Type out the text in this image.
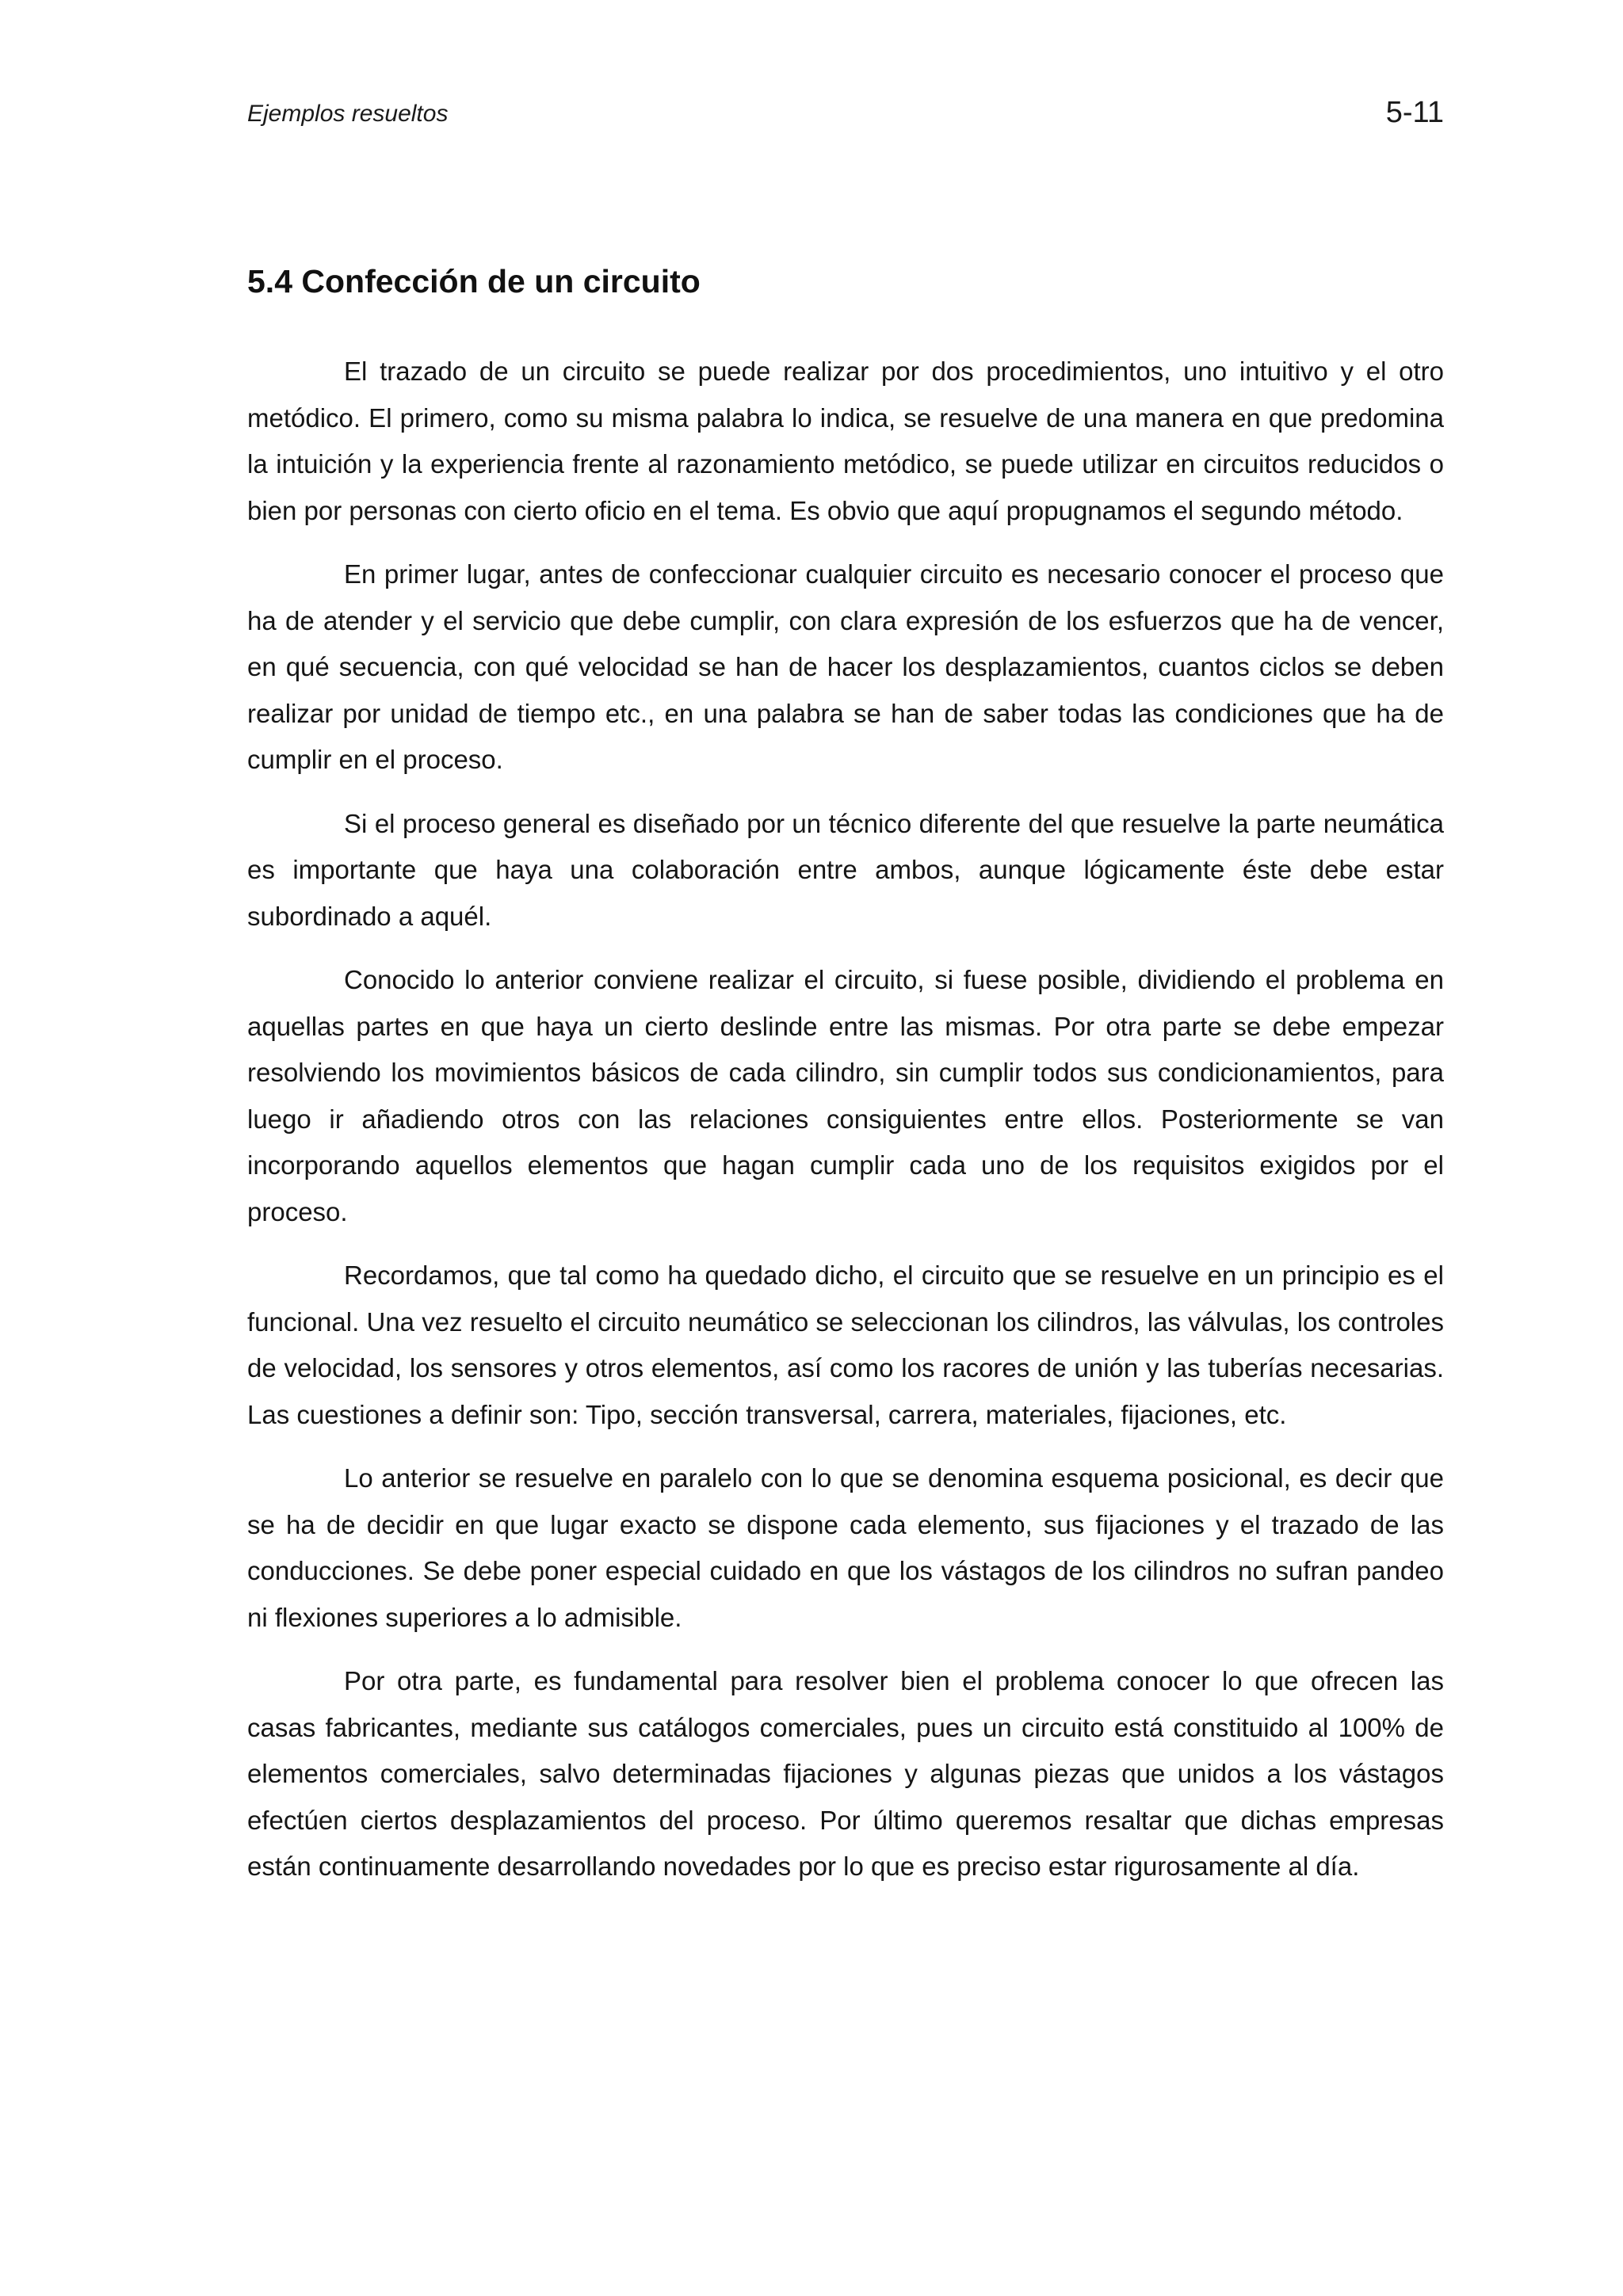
Ejemplos resueltos	5-11
5.4 Confección de un circuito

El trazado de un circuito se puede realizar por dos procedimientos, uno intuitivo y el otro metódico. El primero, como su misma palabra lo indica, se resuelve de una manera en que predomina la intuición y la experiencia frente al razonamiento metódico, se puede utilizar en circuitos reducidos o bien por personas con cierto oficio en el tema. Es obvio que aquí propugnamos el segundo método.

En primer lugar, antes de confeccionar cualquier circuito es necesario conocer el proceso que ha de atender y el servicio que debe cumplir, con clara expresión de los esfuerzos que ha de vencer, en qué secuencia, con qué velocidad se han de hacer los desplazamientos, cuantos ciclos se deben realizar por unidad de tiempo etc., en una palabra se han de saber todas las condiciones que ha de cumplir en el proceso.

Si el proceso general es diseñado por un técnico diferente del que resuelve la parte neumática es importante que haya una colaboración entre ambos, aunque lógicamente éste debe estar subordinado a aquél.

Conocido lo anterior conviene realizar el circuito, si fuese posible, dividiendo el problema en aquellas partes en que haya un cierto deslinde entre las mismas. Por otra parte se debe empezar resolviendo los movimientos básicos de cada cilindro, sin cumplir todos sus condicionamientos, para luego ir añadiendo otros con las relaciones consiguientes entre ellos. Posteriormente se van incorporando aquellos elementos que hagan cumplir cada uno de los requisitos exigidos por el proceso.

Recordamos, que tal como ha quedado dicho, el circuito que se resuelve en un principio es el funcional. Una vez resuelto el circuito neumático se seleccionan los cilindros, las válvulas, los controles de velocidad, los sensores y otros elementos, así como los racores de unión y las tuberías necesarias. Las cuestiones a definir son: Tipo, sección transversal, carrera, materiales, fijaciones, etc.

Lo anterior se resuelve en paralelo con lo que se denomina esquema posicional, es decir que se ha de decidir en que lugar exacto se dispone cada elemento, sus fijaciones y el trazado de las conducciones. Se debe poner especial cuidado en que los vástagos de los cilindros no sufran pandeo ni flexiones superiores a lo admisible.

Por otra parte, es fundamental para resolver bien el problema conocer lo que ofrecen las casas fabricantes, mediante sus catálogos comerciales, pues un circuito está constituido al 100% de elementos comerciales, salvo determinadas fijaciones y algunas piezas que unidos a los vástagos efectúen ciertos desplazamientos del proceso. Por último queremos resaltar que dichas empresas están continuamente desarrollando novedades por lo que es preciso estar rigurosamente al día.
